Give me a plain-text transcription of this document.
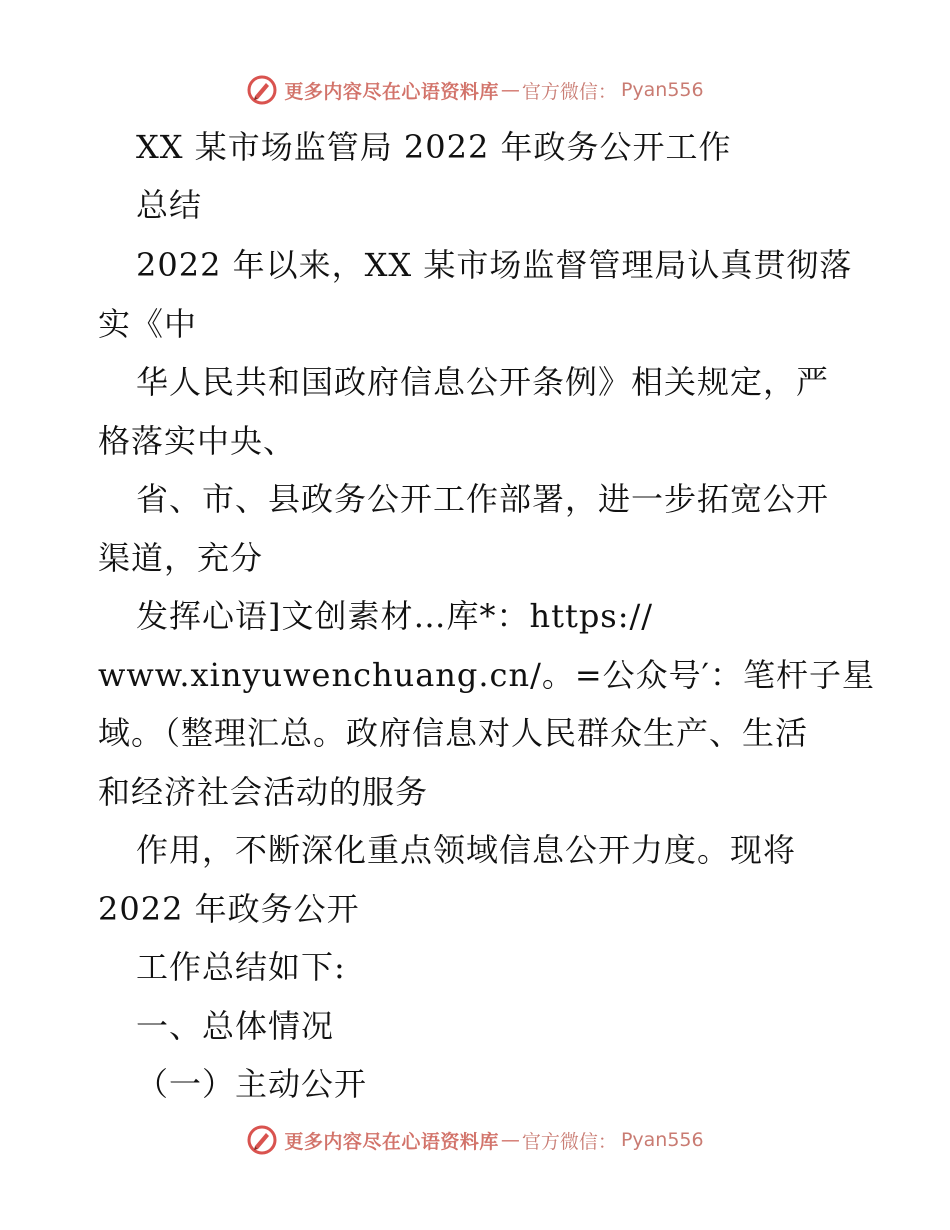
更多内容尽在心语资料库 — 官方微信： Pyan556
XX 某市场监管局 2022 年政务公开工作
总结
2022 年以来，XX 某市场监督管理局认真贯彻落
实《中
华人民共和国政府信息公开条例》相关规定，严
格落实中央、
省、市、县政务公开工作部署，进一步拓宽公开
渠道，充分
发挥心语]文创素材…库*：https://
www.xinyuwenchuang.cn/。=公众号′：笔杆子星
域。（整理汇总。政府信息对人民群众生产、生活
和经济社会活动的服务
作用，不断深化重点领域信息公开力度。现将
2022 年政务公开
工作总结如下:
一、总体情况
（一）主动公开
更多内容尽在心语资料库 — 官方微信： Pyan556
